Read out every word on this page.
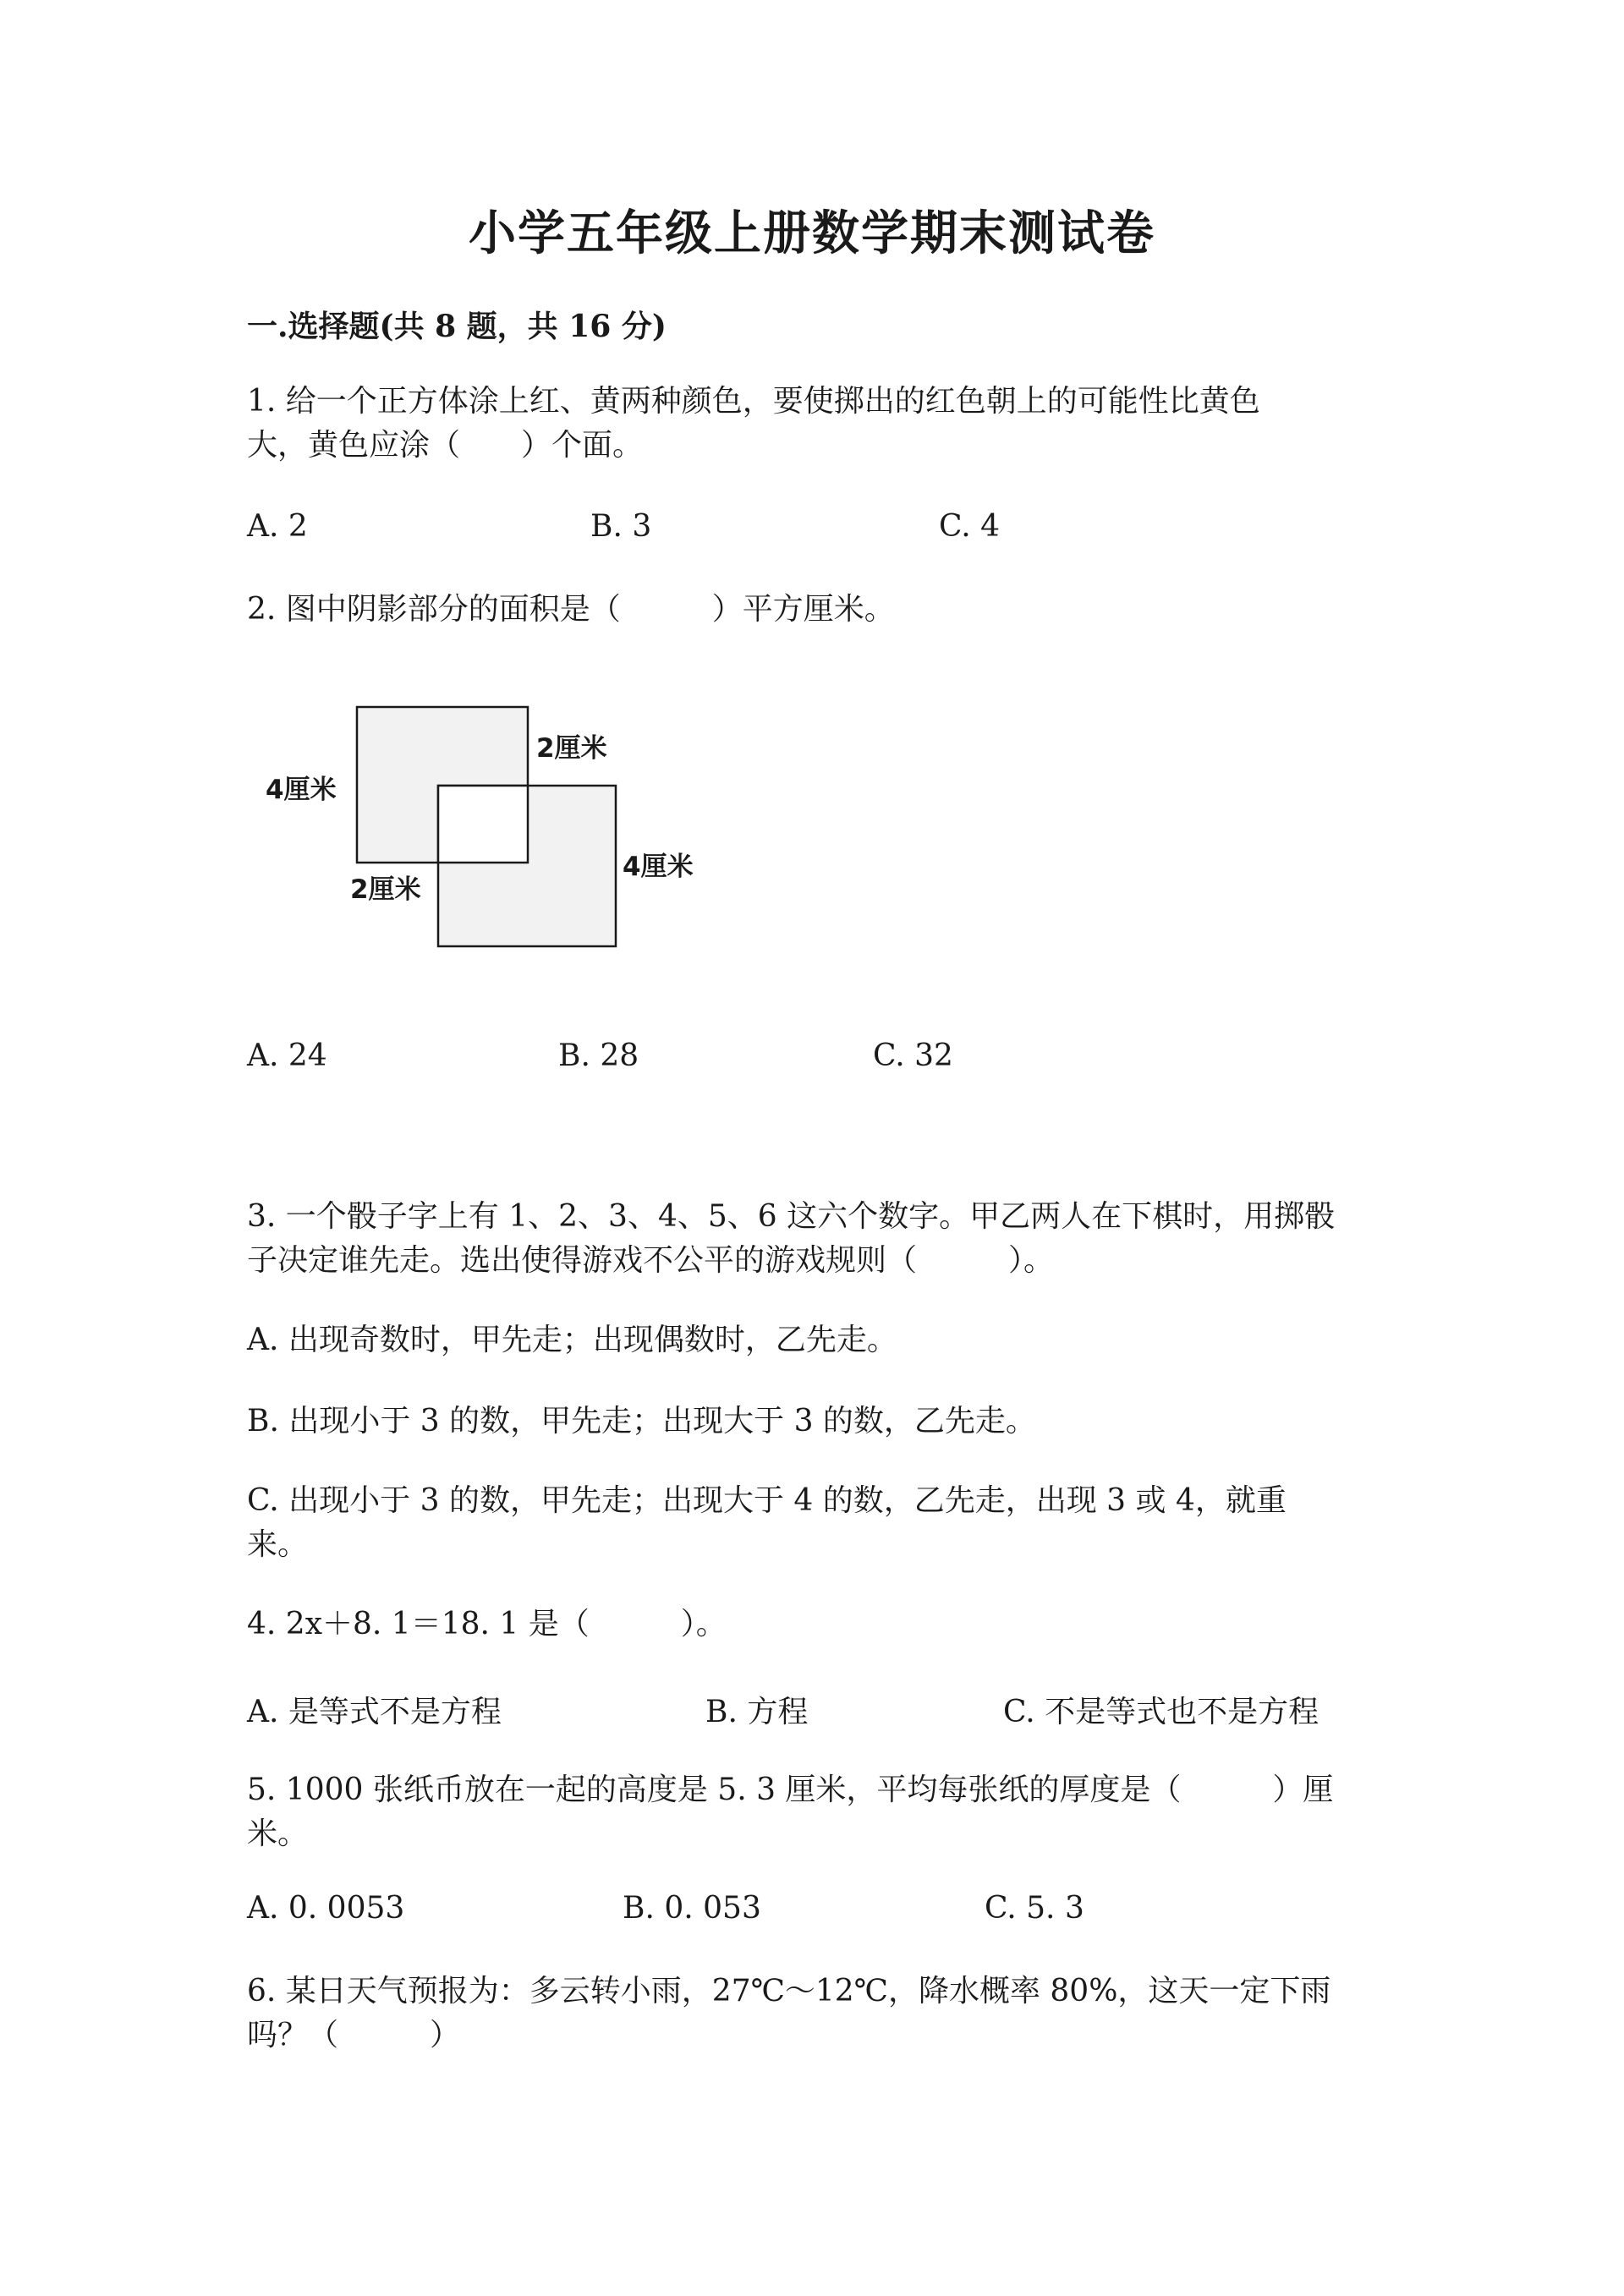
小学五年级上册数学期末测试卷
一.选择题(共 8 题，共 16 分)
1. 给一个正方体涂上红、黄两种颜色，要使掷出的红色朝上的可能性比黄色
大，黄色应涂（　　）个面。
A. 2	B. 3	C. 4
2. 图中阴影部分的面积是（　　　）平方厘米。
4厘米
2厘米
2厘米
4厘米
A. 24	B. 28	C. 32
3. 一个骰子字上有 1、2、3、4、5、6 这六个数字。甲乙两人在下棋时，用掷骰
子决定谁先走。选出使得游戏不公平的游戏规则（　　　）。
A. 出现奇数时，甲先走；出现偶数时，乙先走。
B. 出现小于 3 的数，甲先走；出现大于 3 的数，乙先走。
C. 出现小于 3 的数，甲先走；出现大于 4 的数，乙先走，出现 3 或 4，就重
来。
4. 2x＋8. 1＝18. 1 是（　　　）。
A. 是等式不是方程	B. 方程	C. 不是等式也不是方程
5. 1000 张纸币放在一起的高度是 5. 3 厘米，平均每张纸的厚度是（　　　）厘
米。
A. 0. 0053	B. 0. 053	C. 5. 3
6. 某日天气预报为：多云转小雨，27℃～12℃，降水概率 80%，这天一定下雨
吗？（　　　）
